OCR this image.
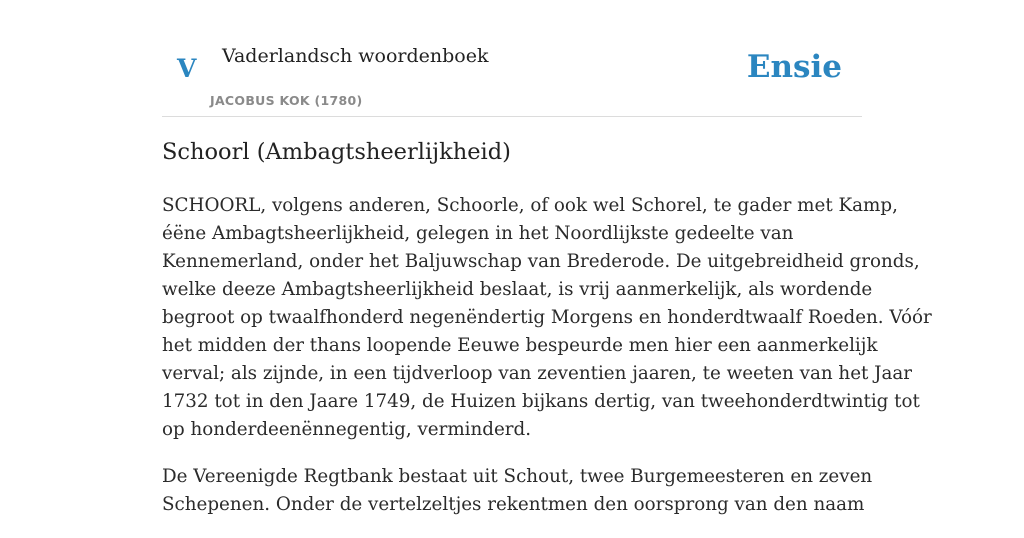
V Vaderlandsch woordenboek
JACOBUS KOK (1780)
Ensie
Schoorl (Ambagtsheerlijkheid)

SCHOORL, volgens anderen, Schoorle, of ook wel Schorel, te gader met Kamp,
éëne Ambagtsheerlijkheid, gelegen in het Noordlijkste gedeelte van
Kennemerland, onder het Baljuwschap van Brederode. De uitgebreidheid gronds,
welke deeze Ambagtsheerlijkheid beslaat, is vrij aanmerkelijk, als wordende
begroot op twaalfhonderd negenëndertig Morgens en honderdtwaalf Roeden. Vóór
het midden der thans loopende Eeuwe bespeurde men hier een aanmerkelijk
verval; als zijnde, in een tijdverloop van zeventien jaaren, te weeten van het Jaar
1732 tot in den Jaare 1749, de Huizen bijkans dertig, van tweehonderdtwintig tot
op honderdeenënnegentig, verminderd.

De Vereenigde Regtbank bestaat uit Schout, twee Burgemeesteren en zeven
Schepenen. Onder de vertelzeltjes rekentmen den oorsprong van den naam
